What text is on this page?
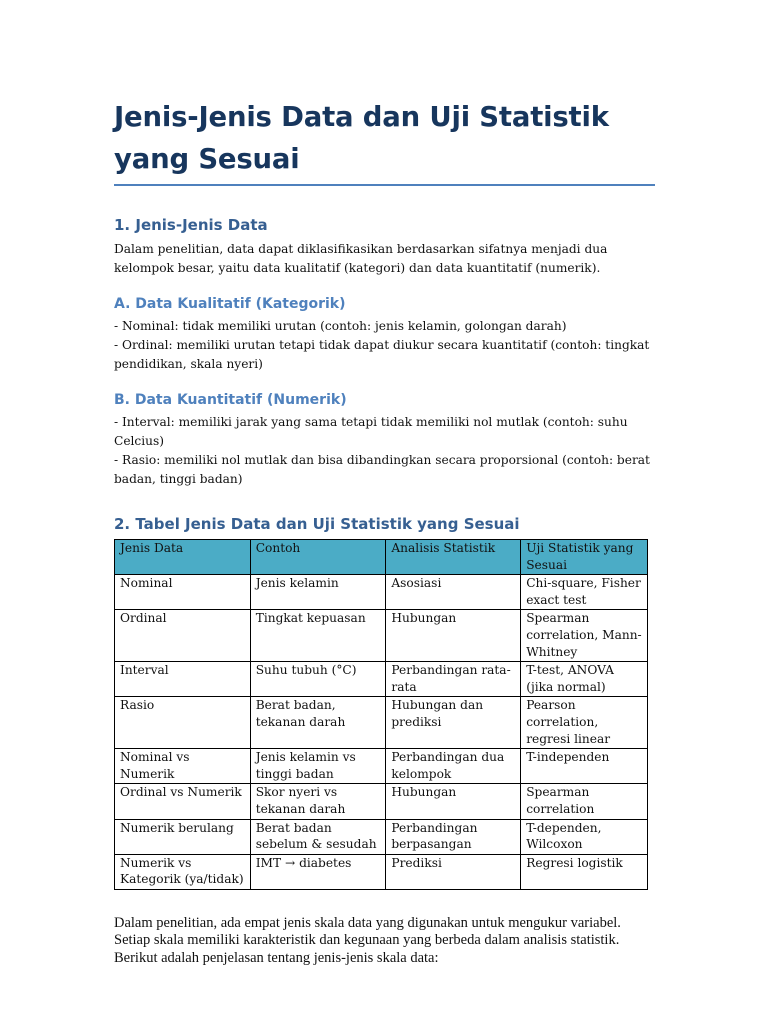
Jenis-Jenis Data dan Uji Statistik yang Sesuai
1. Jenis-Jenis Data

Dalam penelitian, data dapat diklasifikasikan berdasarkan sifatnya menjadi dua kelompok besar, yaitu data kualitatif (kategori) dan data kuantitatif (numerik).

A. Data Kualitatif (Kategorik)

- Nominal: tidak memiliki urutan (contoh: jenis kelamin, golongan darah)

- Ordinal: memiliki urutan tetapi tidak dapat diukur secara kuantitatif (contoh: tingkat pendidikan, skala nyeri)

B. Data Kuantitatif (Numerik)

- Interval: memiliki jarak yang sama tetapi tidak memiliki nol mutlak (contoh: suhu Celcius)

- Rasio: memiliki nol mutlak dan bisa dibandingkan secara proporsional (contoh: berat badan, tinggi badan)

2. Tabel Jenis Data dan Uji Statistik yang Sesuai
Jenis Data	Contoh	Analisis Statistik	Uji Statistik yang Sesuai
Nominal	Jenis kelamin	Asosiasi	Chi-square, Fisher exact test
Ordinal	Tingkat kepuasan	Hubungan	Spearman correlation, Mann-Whitney
Interval	Suhu tubuh (°C)	Perbandingan rata-rata	T-test, ANOVA (jika normal)
Rasio	Berat badan, tekanan darah	Hubungan dan prediksi	Pearson correlation, regresi linear
Nominal vs Numerik	Jenis kelamin vs tinggi badan	Perbandingan dua kelompok	T-independen
Ordinal vs Numerik	Skor nyeri vs tekanan darah	Hubungan	Spearman correlation
Numerik berulang	Berat badan sebelum & sesudah	Perbandingan berpasangan	T-dependen, Wilcoxon
Numerik vs Kategorik (ya/tidak)	IMT → diabetes	Prediksi	Regresi logistik

Dalam penelitian, ada empat jenis skala data yang digunakan untuk mengukur variabel. Setiap skala memiliki karakteristik dan kegunaan yang berbeda dalam analisis statistik. Berikut adalah penjelasan tentang jenis-jenis skala data:
